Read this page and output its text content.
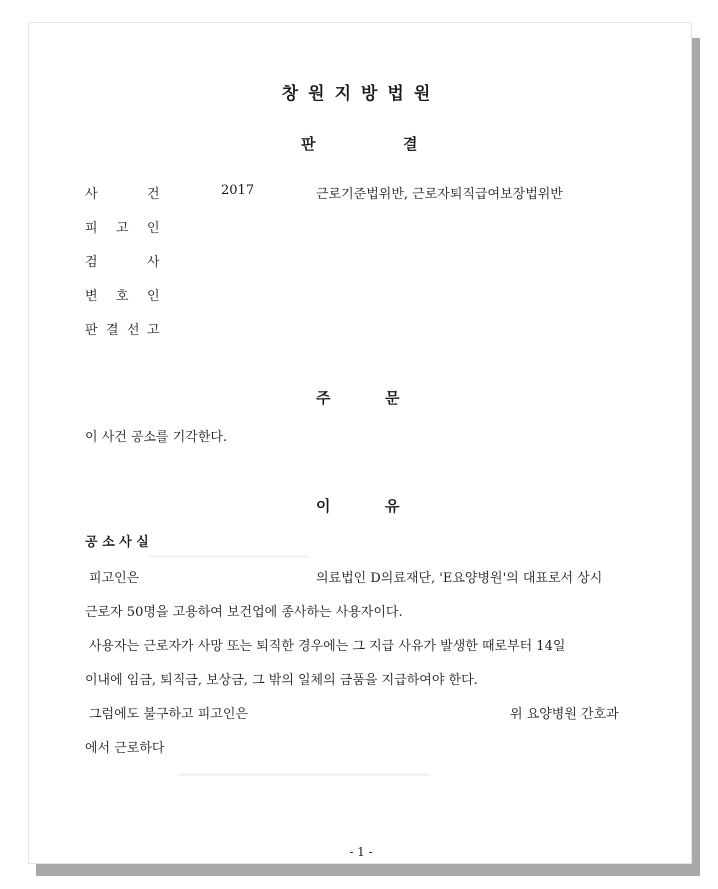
창원지방법원
판	결
사	건	2017	근로기준법위반, 근로자퇴직급여보장법위반
피 고 인
검	사
변 호 인
판 결 선 고
주	문
이 사건 공소를 기각한다.
이	유
공 소 사 실
피고인은	의료법인 D의료재단, 'E요양병원'의 대표로서 상시
근로자 50명을 고용하여 보건업에 종사하는 사용자이다.
사용자는 근로자가 사망 또는 퇴직한 경우에는 그 지급 사유가 발생한 때로부터 14일
이내에 임금, 퇴직금, 보상금, 그 밖의 일체의 금품을 지급하여야 한다.
그럼에도 불구하고 피고인은	위 요양병원 간호과
에서 근로하다
- 1 -
